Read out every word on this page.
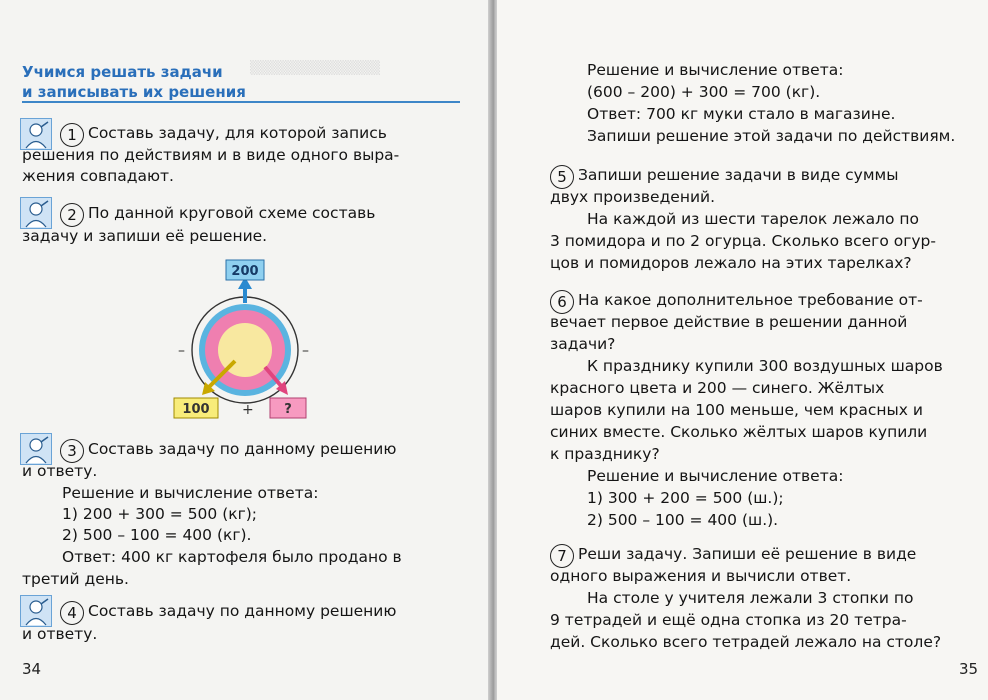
▒▒▒▒▒▒▒▒▒▒▒▒▒
Учимся решать задачи
и записывать их решения
1 Составь задачу, для которой запись
решения по действиям и в виде одного выра-
жения совпадают.
2 По данной круговой схеме составь
задачу и запиши её решение.
200
100	?
–	–
+
3 Составь задачу по данному решению
и ответу.
Решение и вычисление ответа:
1) 200 + 300 = 500 (кг);
2) 500 – 100 = 400 (кг).
Ответ: 400 кг картофеля было продано в
третий день.
4 Составь задачу по данному решению
и ответу.
34
Решение и вычисление ответа:
(600 – 200) + 300 = 700 (кг).
Ответ: 700 кг муки стало в магазине.
Запиши решение этой задачи по действиям.
5 Запиши решение задачи в виде суммы
двух произведений.
На каждой из шести тарелок лежало по
3 помидора и по 2 огурца. Сколько всего огур-
цов и помидоров лежало на этих тарелках?
6 На какое дополнительное требование от-
вечает первое действие в решении данной
задачи?
К празднику купили 300 воздушных шаров
красного цвета и 200 — синего. Жёлтых
шаров купили на 100 меньше, чем красных и
синих вместе. Сколько жёлтых шаров купили
к празднику?
Решение и вычисление ответа:
1) 300 + 200 = 500 (ш.);
2) 500 – 100 = 400 (ш.).
7 Реши задачу. Запиши её решение в виде
одного выражения и вычисли ответ.
На столе у учителя лежали 3 стопки по
9 тетрадей и ещё одна стопка из 20 тетра-
дей. Сколько всего тетрадей лежало на столе?
35
